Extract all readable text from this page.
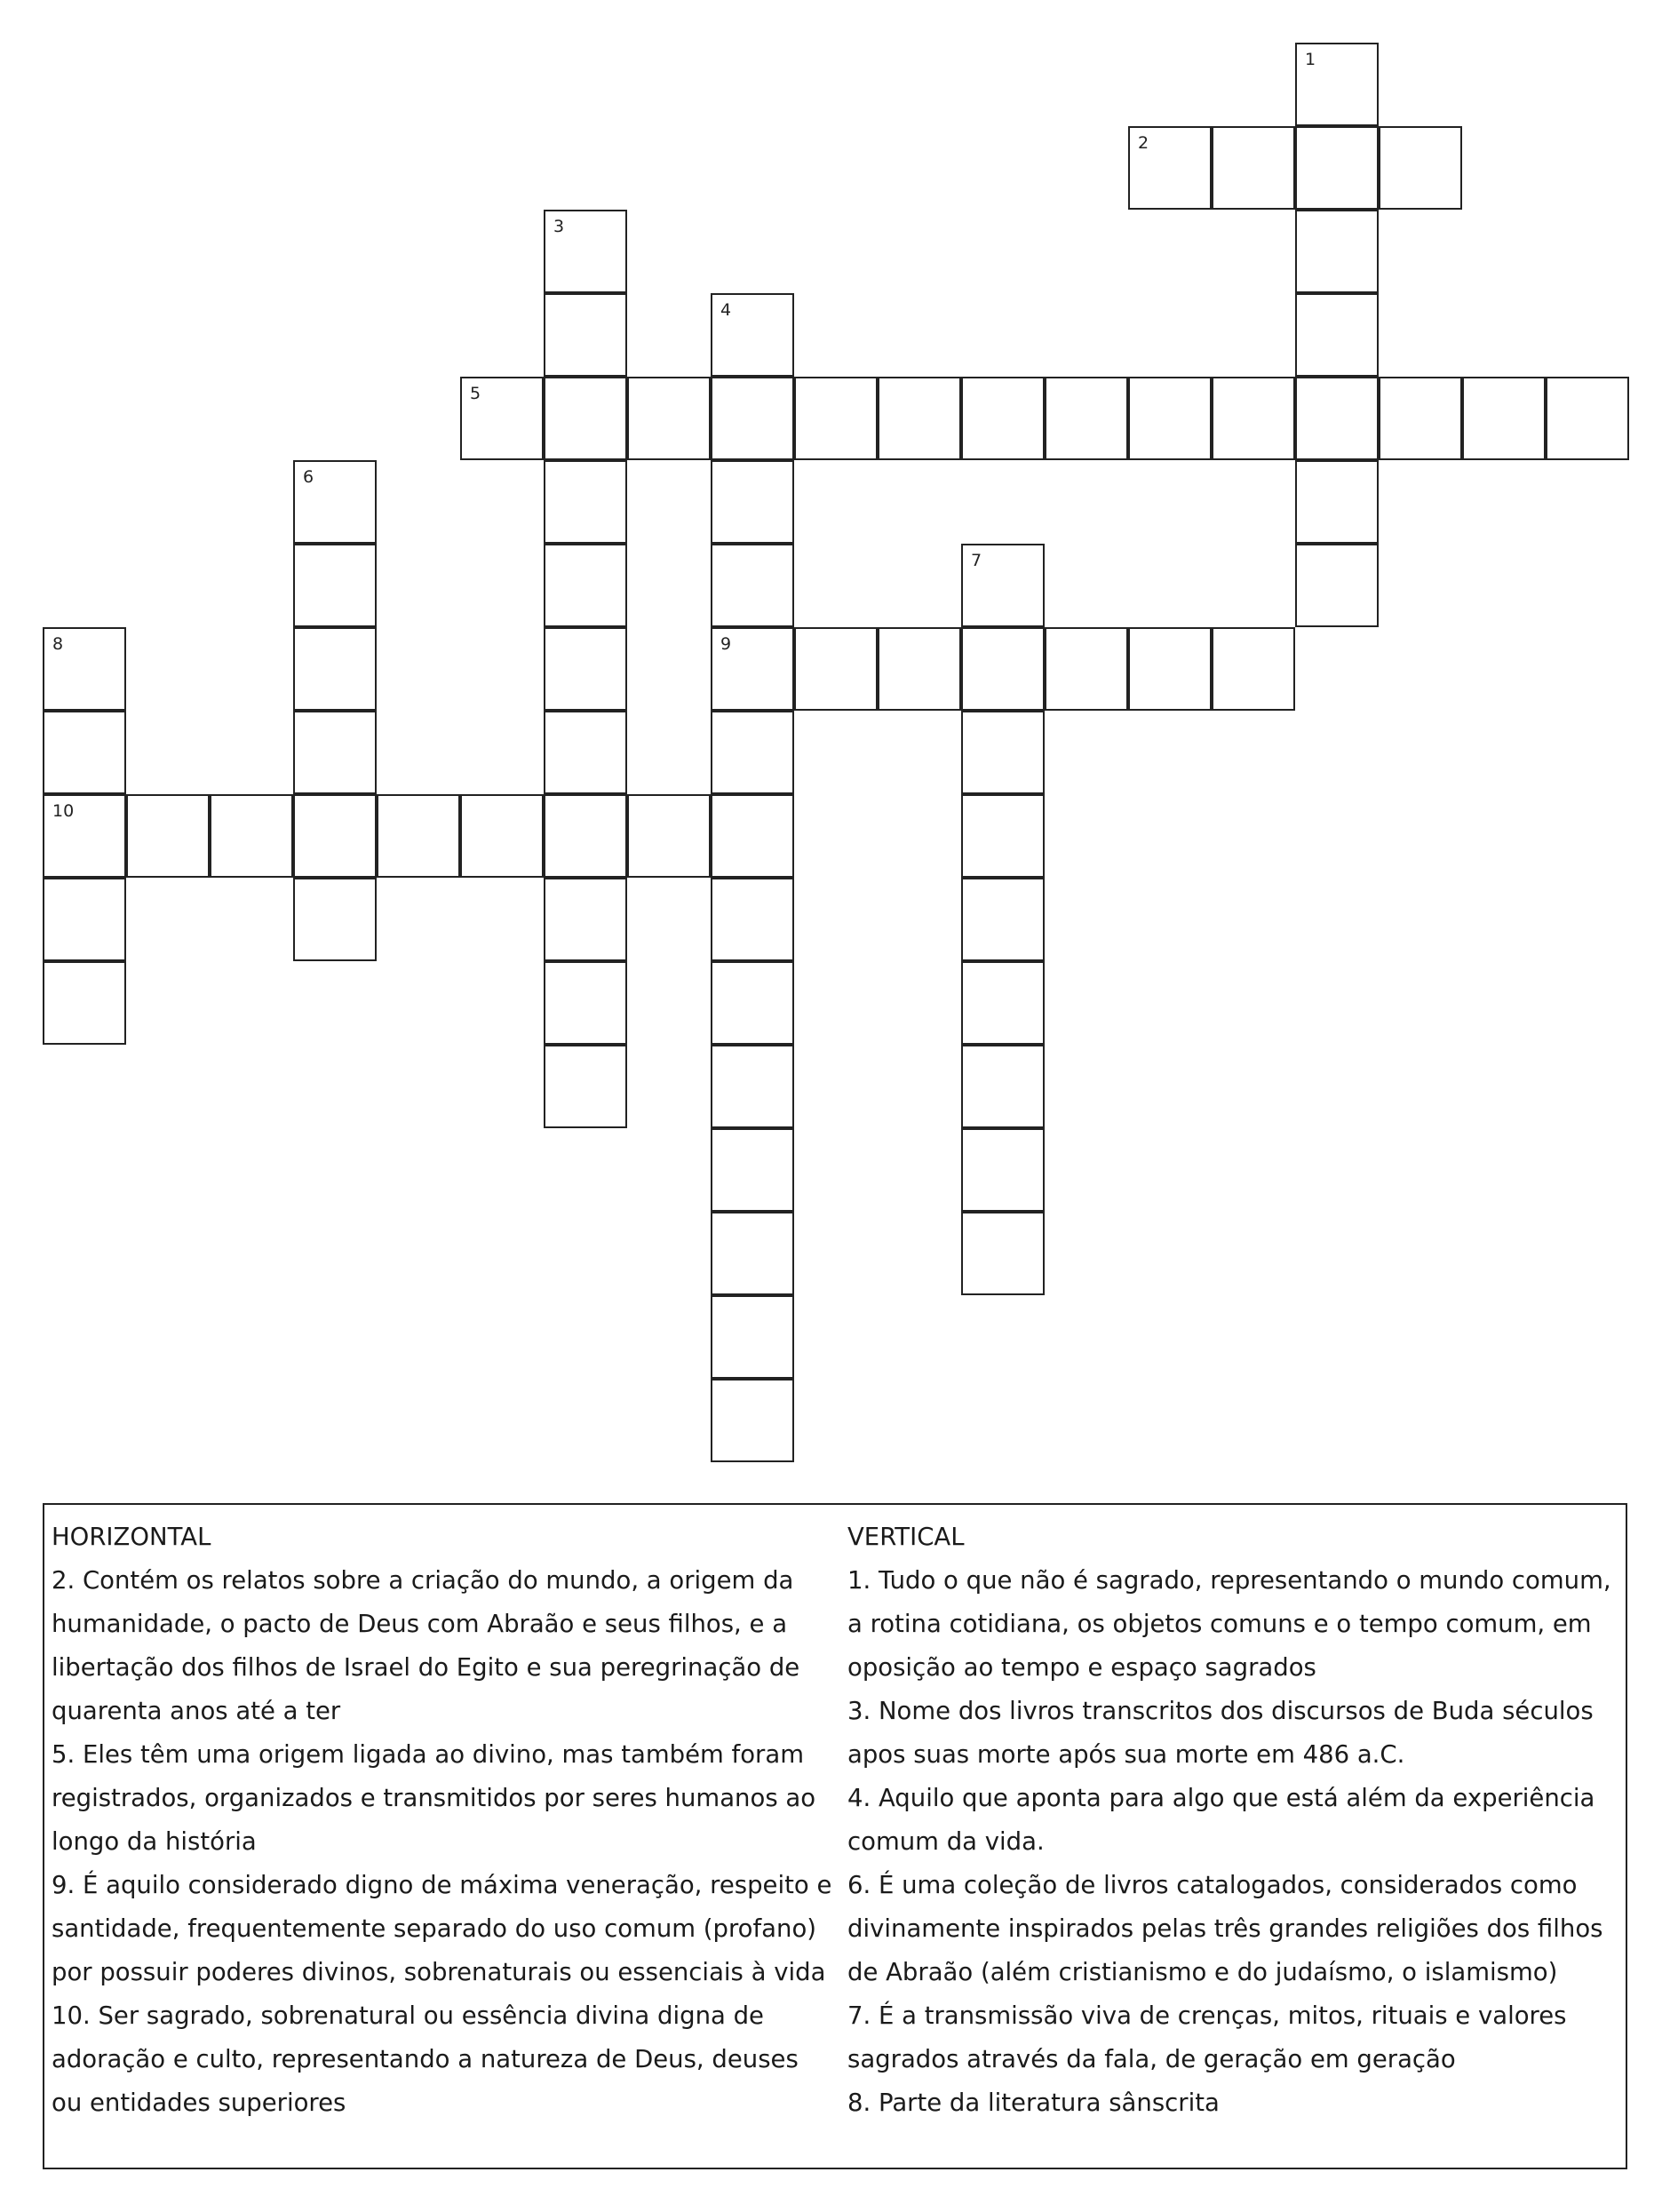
1
2
3
4
5
6
7
8	9
10

HORIZONTAL

2. Contém os relatos sobre a criação do mundo, a origem da humanidade, o pacto de Deus com Abraão e seus filhos, e a libertação dos filhos de Israel do Egito e sua peregrinação de quarenta anos até a ter

5. Eles têm uma origem ligada ao divino, mas também foram registrados, organizados e transmitidos por seres humanos ao longo da história

9. É aquilo considerado digno de máxima veneração, respeito e santidade, frequentemente separado do uso comum (profano) por possuir poderes divinos, sobrenaturais ou essenciais à vida

10. Ser sagrado, sobrenatural ou essência divina digna de adoração e culto, representando a natureza de Deus, deuses ou entidades superiores

VERTICAL

1. Tudo o que não é sagrado, representando o mundo comum, a rotina cotidiana, os objetos comuns e o tempo comum, em oposição ao tempo e espaço sagrados

3. Nome dos livros transcritos dos discursos de Buda séculos apos suas morte após sua morte em 486 a.C.

4. Aquilo que aponta para algo que está além da experiência comum da vida.

6. É uma coleção de livros catalogados, considerados como divinamente inspirados pelas três grandes religiões dos filhos de Abraão (além cristianismo e do judaísmo, o islamismo)

7. É a transmissão viva de crenças, mitos, rituais e valores sagrados através da fala, de geração em geração

8. Parte da literatura sânscrita
